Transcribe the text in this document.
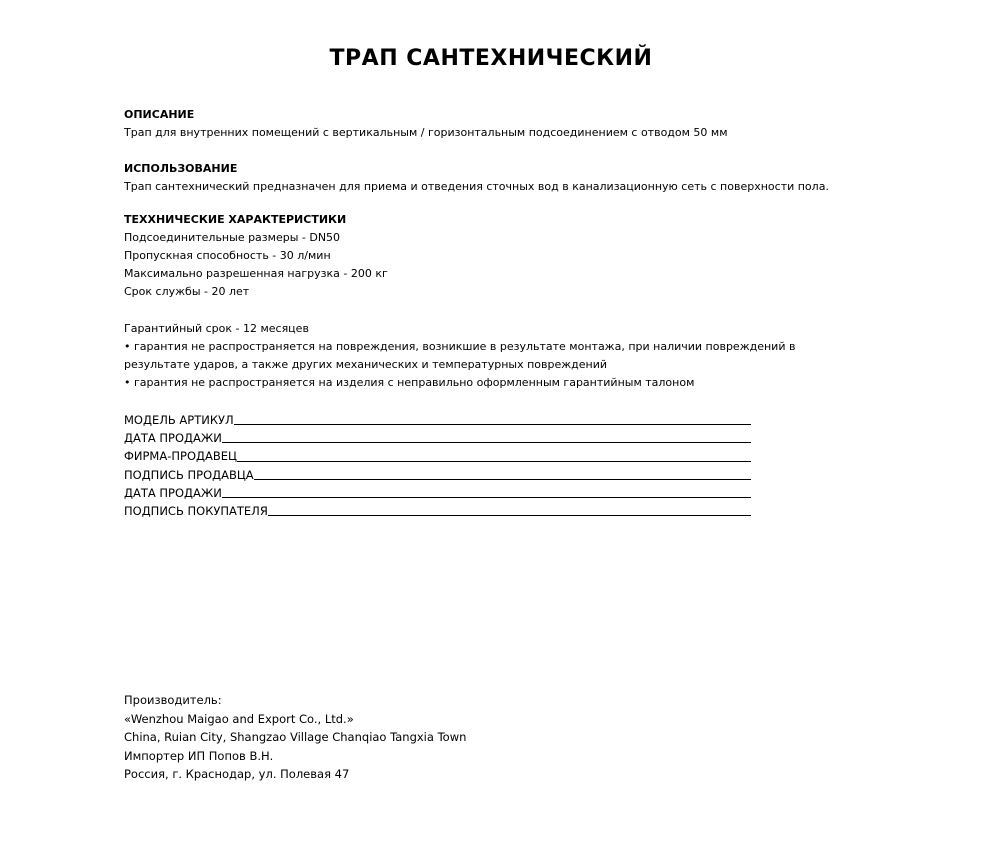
ТРАП САНТЕХНИЧЕСКИЙ
ОПИСАНИЕ

Трап для внутренних помещений с вертикальным / горизонтальным подсоединением с отводом 50 мм

ИСПОЛЬЗОВАНИЕ

Трап сантехнический предназначен для приема и отведения сточных вод в канализационную сеть с поверхности пола.

ТЕХХНИЧЕСКИЕ ХАРАКТЕРИСТИКИ

Подсоединительные размеры - DN50

Пропускная способность - 30 л/мин

Максимально разрешенная нагрузка - 200 кг

Срок службы - 20 лет

Гарантийный срок - 12 месяцев

• гарантия не распространяется на повреждения, возникшие в результате монтажа, при наличии повреждений в результате ударов, а также других механических и температурных повреждений

• гарантия не распространяется на изделия с неправильно оформленным гарантийным талоном

МОДЕЛЬ АРТИКУЛ
ДАТА ПРОДАЖИ
ФИРМА-ПРОДАВЕЦ
ПОДПИСЬ ПРОДАВЦА
ДАТА ПРОДАЖИ
ПОДПИСЬ ПОКУПАТЕЛЯ

Производитель:

«Wenzhou Maigao and Export Co., Ltd.»

China, Ruian City, Shangzao Village Chanqiao Tangxia Town

Импортер ИП Попов В.Н.

Россия, г. Краснодар, ул. Полевая 47
